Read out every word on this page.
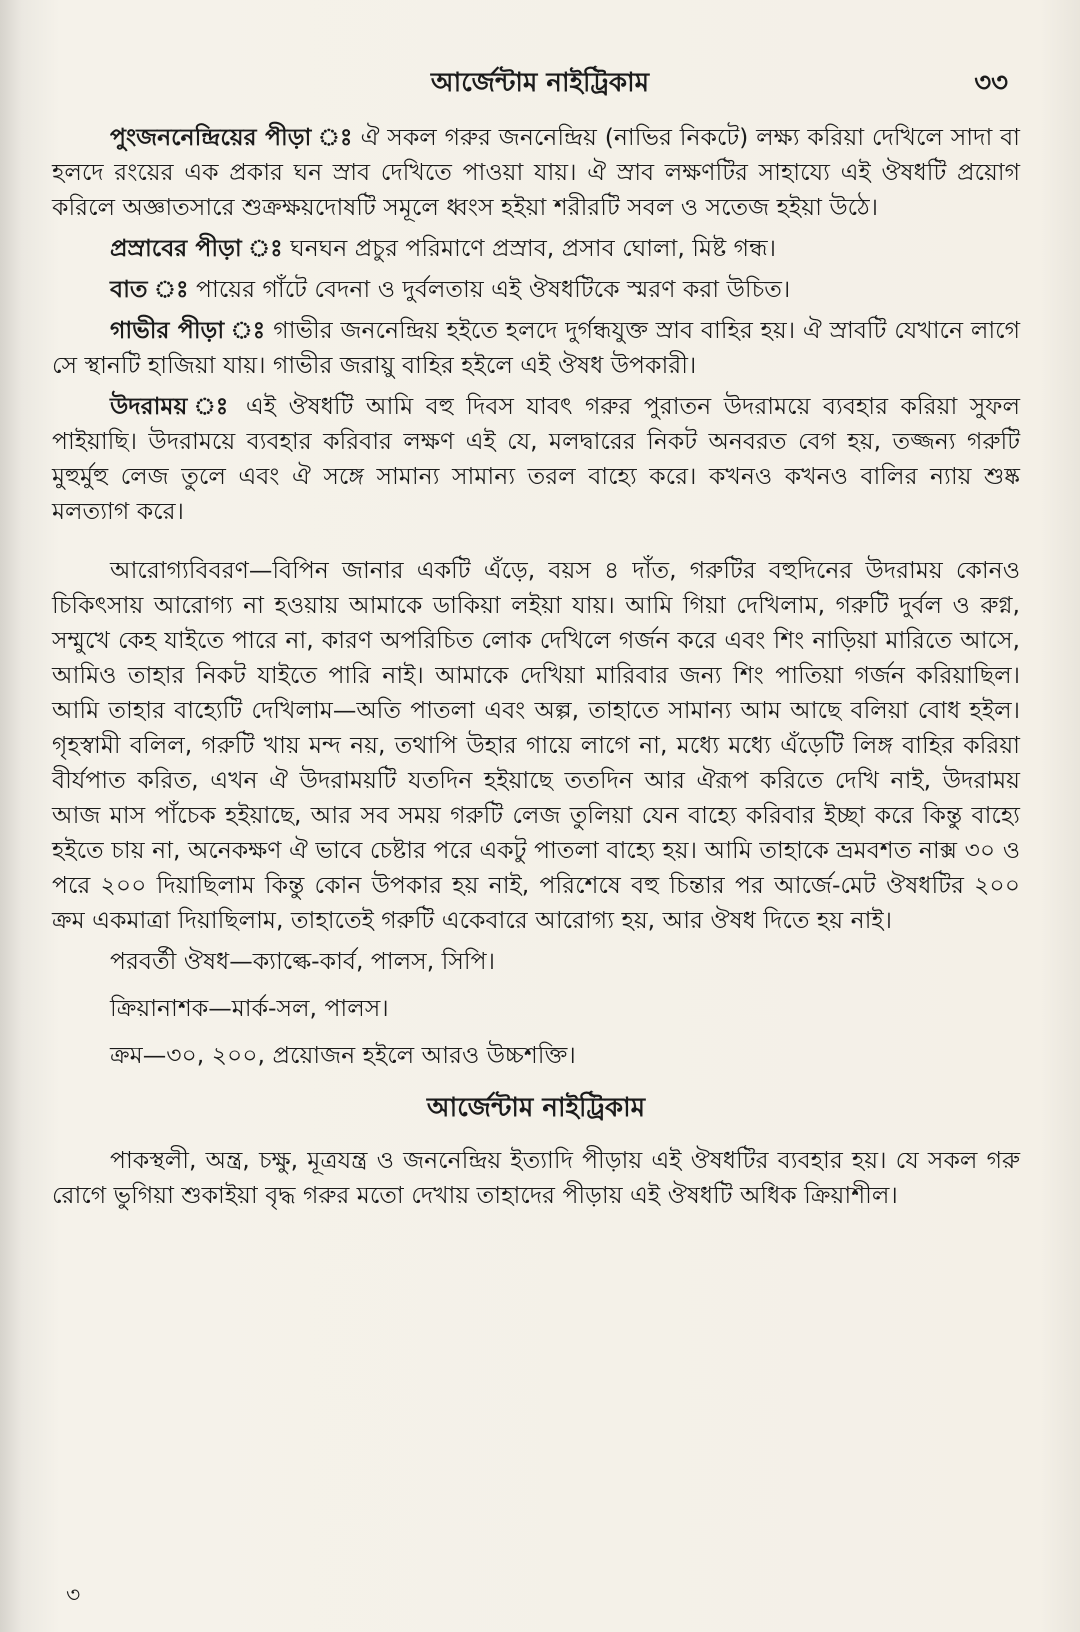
আর্জেন্টাম নাইট্রিকাম	৩৩

পুংজননেন্দ্রিয়ের পীড়া ঃ ঐ সকল গরুর জননেন্দ্রিয় (নাভির নিকটে) লক্ষ্য করিয়া দেখিলে সাদা বা হলদে রংয়ের এক প্রকার ঘন স্রাব দেখিতে পাওয়া যায়। ঐ স্রাব লক্ষণটির সাহায্যে এই ঔষধটি প্রয়োগ করিলে অজ্ঞাতসারে শুক্রক্ষয়দোষটি সমূলে ধ্বংস হইয়া শরীরটি সবল ও সতেজ হইয়া উঠে।

প্রস্রাবের পীড়া ঃ ঘনঘন প্রচুর পরিমাণে প্রস্রাব, প্রসাব ঘোলা, মিষ্ট গন্ধ।

বাত ঃ পায়ের গাঁটে বেদনা ও দুর্বলতায় এই ঔষধটিকে স্মরণ করা উচিত।

গাভীর পীড়া ঃ গাভীর জননেন্দ্রিয় হইতে হলদে দুর্গন্ধযুক্ত স্রাব বাহির হয়। ঐ স্রাবটি যেখানে লাগে সে স্থানটি হাজিয়া যায়। গাভীর জরায়ু বাহির হইলে এই ঔষধ উপকারী।

উদরাময় ঃ এই ঔষধটি আমি বহু দিবস যাবৎ গরুর পুরাতন উদরাময়ে ব্যবহার করিয়া সুফল পাইয়াছি। উদরাময়ে ব্যবহার করিবার লক্ষণ এই যে, মলদ্বারের নিকট অনবরত বেগ হয়, তজ্জন্য গরুটি মুহুর্মুহু লেজ তুলে এবং ঐ সঙ্গে সামান্য সামান্য তরল বাহ্যে করে। কখনও কখনও বালির ন্যায় শুষ্ক মলত্যাগ করে।

আরোগ্যবিবরণ—বিপিন জানার একটি এঁড়ে, বয়স ৪ দাঁত, গরুটির বহুদিনের উদরাময় কোনও চিকিৎসায় আরোগ্য না হওয়ায় আমাকে ডাকিয়া লইয়া যায়। আমি গিয়া দেখিলাম, গরুটি দুর্বল ও রুগ্ন, সম্মুখে কেহ যাইতে পারে না, কারণ অপরিচিত লোক দেখিলে গর্জন করে এবং শিং নাড়িয়া মারিতে আসে, আমিও তাহার নিকট যাইতে পারি নাই। আমাকে দেখিয়া মারিবার জন্য শিং পাতিয়া গর্জন করিয়াছিল। আমি তাহার বাহ্যেটি দেখিলাম—অতি পাতলা এবং অল্প, তাহাতে সামান্য আম আছে বলিয়া বোধ হইল। গৃহস্বামী বলিল, গরুটি খায় মন্দ নয়, তথাপি উহার গায়ে লাগে না, মধ্যে মধ্যে এঁড়েটি লিঙ্গ বাহির করিয়া বীর্যপাত করিত, এখন ঐ উদরাময়টি যতদিন হইয়াছে ততদিন আর ঐরূপ করিতে দেখি নাই, উদরাময় আজ মাস পাঁচেক হইয়াছে, আর সব সময় গরুটি লেজ তুলিয়া যেন বাহ্যে করিবার ইচ্ছা করে কিন্তু বাহ্যে হইতে চায় না, অনেকক্ষণ ঐ ভাবে চেষ্টার পরে একটু পাতলা বাহ্যে হয়। আমি তাহাকে ভ্রমবশত নাক্স ৩০ ও পরে ২০০ দিয়াছিলাম কিন্তু কোন উপকার হয় নাই, পরিশেষে বহু চিন্তার পর আর্জে-মেট ঔষধটির ২০০ ক্রম একমাত্রা দিয়াছিলাম, তাহাতেই গরুটি একেবারে আরোগ্য হয়, আর ঔষধ দিতে হয় নাই।

পরবর্তী ঔষধ—ক্যাল্কে-কার্ব, পালস, সিপি।
ক্রিয়ানাশক—মার্ক-সল, পালস।
ক্রম—৩০, ২০০, প্রয়োজন হইলে আরও উচ্চশক্তি।
আর্জেন্টাম নাইট্রিকাম

পাকস্থলী, অন্ত্র, চক্ষু, মূত্রযন্ত্র ও জননেন্দ্রিয় ইত্যাদি পীড়ায় এই ঔষধটির ব্যবহার হয়। যে সকল গরু রোগে ভুগিয়া শুকাইয়া বৃদ্ধ গরুর মতো দেখায় তাহাদের পীড়ায় এই ঔষধটি অধিক ক্রিয়াশীল।

৩
